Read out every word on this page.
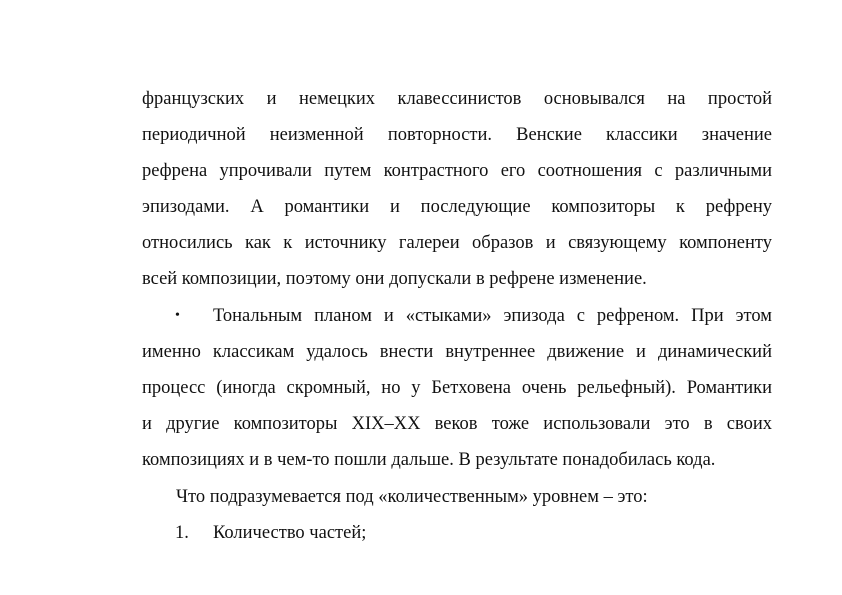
французских и немецких клавессинистов основывался на простой
периодичной неизменной повторности. Венские классики значение
рефрена упрочивали путем контрастного его соотношения с различными
эпизодами. А романтики и последующие композиторы к рефрену
относились как к источнику галереи образов и связующему компоненту
всей композиции, поэтому они допускали в рефрене изменение.
• Тональным планом и «стыками» эпизода с рефреном. При этом
именно классикам удалось внести внутреннее движение и динамический
процесс (иногда скромный, но у Бетховена очень рельефный). Романтики
и другие композиторы XIX–XX веков тоже использовали это в своих
композициях и в чем-то пошли дальше. В результате понадобилась кода.
Что подразумевается под «количественным» уровнем – это:
1. Количество частей;
